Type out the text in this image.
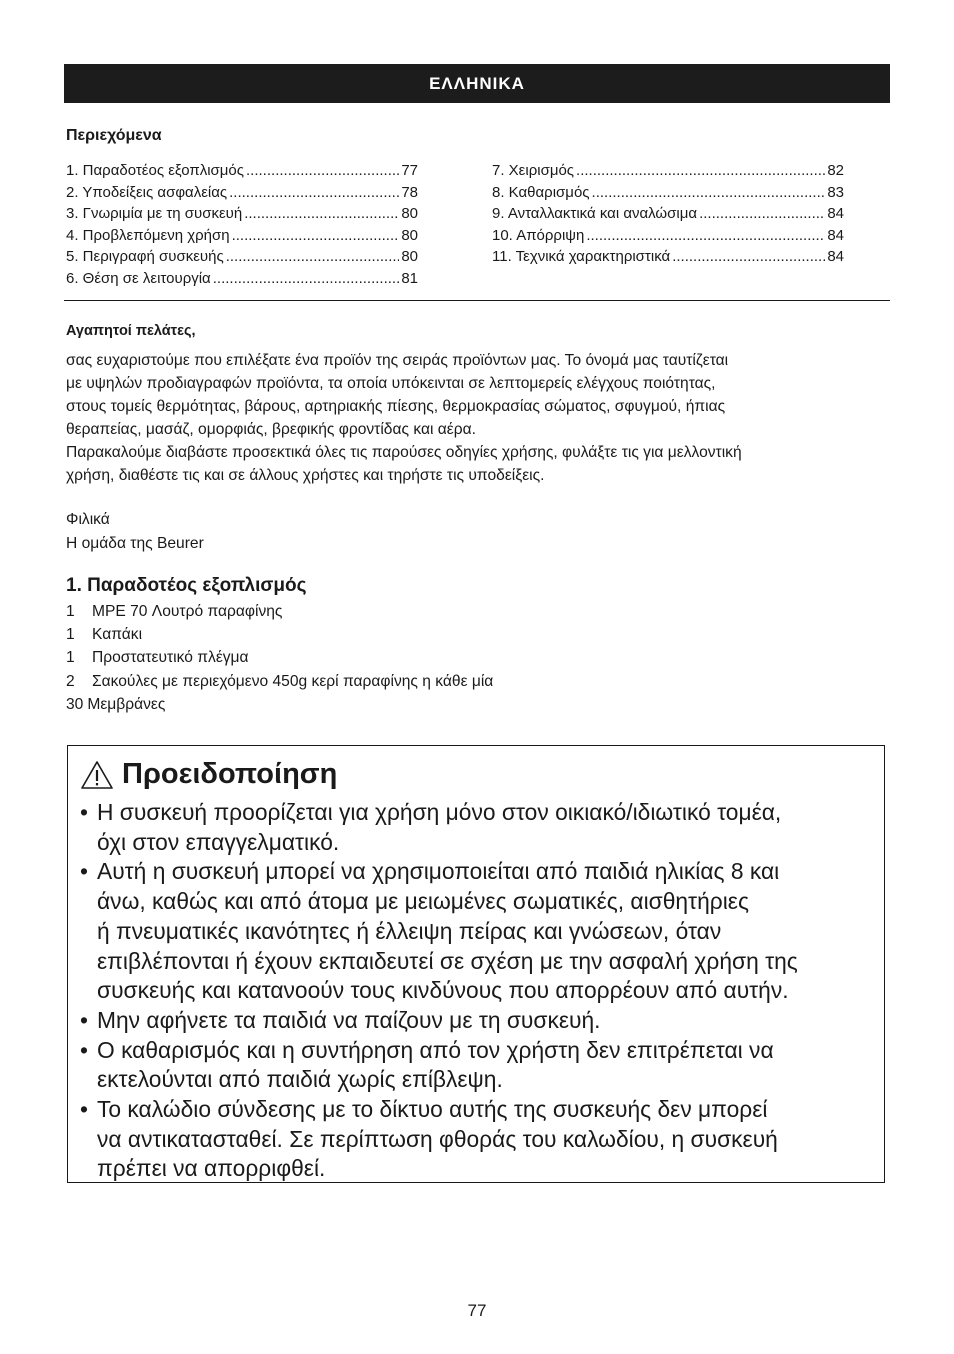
ΕΛΛΗΝΙΚΑ
Περιεχόμενα
1. Παραδοτέος εξοπλισμός .....	77
2. Υποδείξεις ασφαλείας .....	78
3. Γνωριμία με τη συσκευή .....	80
4. Προβλεπόμενη χρήση .....	80
5. Περιγραφή συσκευής .....	80
6. Θέση σε λειτουργία .....	81
7. Χειρισμός .....	82
8. Καθαρισμός .....	83
9. Ανταλλακτικά και αναλώσιμα .....	84
10. Απόρριψη .....	84
11. Τεχνικά χαρακτηριστικά .....	84
Αγαπητοί πελάτες,

σας ευχαριστούμε που επιλέξατε ένα προϊόν της σειράς προϊόντων μας. Το όνομά μας ταυτίζεται

με υψηλών προδιαγραφών προϊόντα, τα οποία υπόκεινται σε λεπτομερείς ελέγχους ποιότητας,

στους τομείς θερμότητας, βάρους, αρτηριακής πίεσης, θερμοκρασίας σώματος, σφυγμού, ήπιας

θεραπείας, μασάζ, ομορφιάς, βρεφικής φροντίδας και αέρα.

Παρακαλούμε διαβάστε προσεκτικά όλες τις παρούσες οδηγίες χρήσης, φυλάξτε τις για μελλοντική

χρήση, διαθέστε τις και σε άλλους χρήστες και τηρήστε τις υποδείξεις.

Φιλικά

Η ομάδα της Beurer

1. Παραδοτέος εξοπλισμός
1	MPE 70 Λουτρό παραφίνης
1	Καπάκι
1	Προστατευτικό πλέγμα
2	Σακούλες με περιεχόμενο 450g κερί παραφίνης η κάθε μία
30 Μεμβράνες
Προειδοποίηση
• Η συσκευή προορίζεται για χρήση μόνο στον οικιακό/ιδιωτικό τομέα,
όχι στον επαγγελματικό.
• Αυτή η συσκευή μπορεί να χρησιμοποιείται από παιδιά ηλικίας 8 και
άνω, καθώς και από άτομα με μειωμένες σωματικές, αισθητήριες
ή πνευματικές ικανότητες ή έλλειψη πείρας και γνώσεων, όταν
επιβλέπονται ή έχουν εκπαιδευτεί σε σχέση με την ασφαλή χρήση της
συσκευής και κατανοούν τους κινδύνους που απορρέουν από αυτήν.
• Μην αφήνετε τα παιδιά να παίζουν με τη συσκευή.
• Ο καθαρισμός και η συντήρηση από τον χρήστη δεν επιτρέπεται να
εκτελούνται από παιδιά χωρίς επίβλεψη.
• Το καλώδιο σύνδεσης με το δίκτυο αυτής της συσκευής δεν μπορεί
να αντικατασταθεί. Σε περίπτωση φθοράς του καλωδίου, η συσκευή
πρέπει να απορριφθεί.
77
